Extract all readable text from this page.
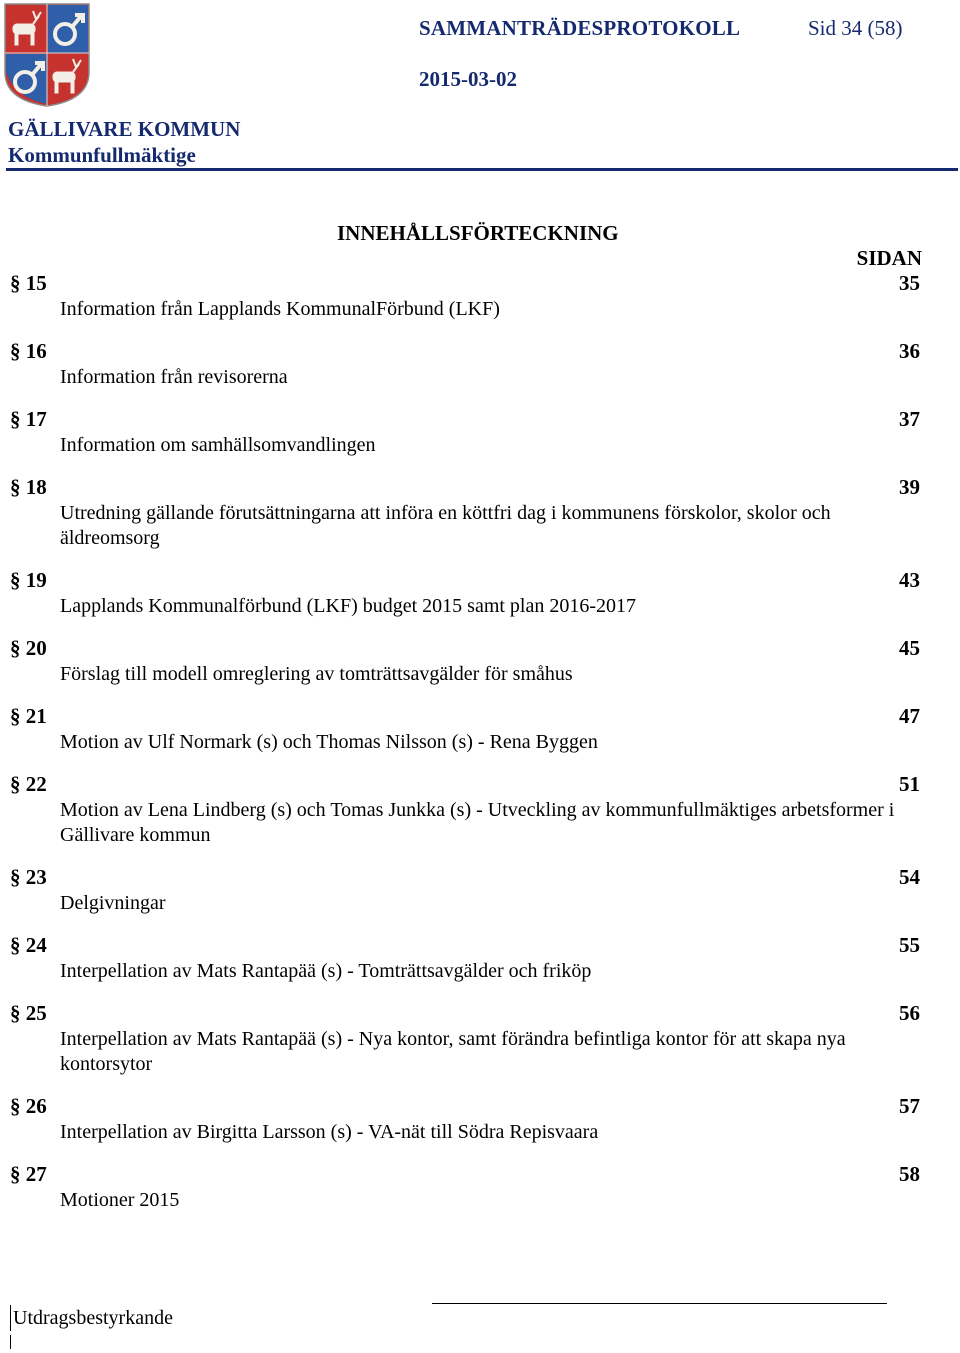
SAMMANTRÄDESPROTOKOLL	Sid 34 (58)
2015-03-02
GÄLLIVARE KOMMUN
Kommunfullmäktige
INNEHÅLLSFÖRTECKNING
SIDAN
§ 15	35
Information från Lapplands KommunalFörbund (LKF)
§ 16	36
Information från revisorerna
§ 17	37
Information om samhällsomvandlingen
§ 18	39
Utredning gällande förutsättningarna att införa en köttfri dag i kommunens förskolor, skolor och äldreomsorg
§ 19	43
Lapplands Kommunalförbund (LKF) budget 2015 samt plan 2016-2017
§ 20	45
Förslag till modell omreglering av tomträttsavgälder för småhus
§ 21	47
Motion av Ulf Normark (s) och Thomas Nilsson (s) - Rena Byggen
§ 22	51
Motion av Lena Lindberg (s) och Tomas Junkka (s) - Utveckling av kommunfullmäktiges arbetsformer i Gällivare kommun
§ 23	54
Delgivningar
§ 24	55
Interpellation av Mats Rantapää (s) - Tomträttsavgälder och friköp
§ 25	56
Interpellation av Mats Rantapää (s) - Nya kontor, samt förändra befintliga kontor för att skapa nya kontorsytor
§ 26	57
Interpellation av Birgitta Larsson (s) - VA-nät till Södra Repisvaara
§ 27	58
Motioner 2015
Utdragsbestyrkande
